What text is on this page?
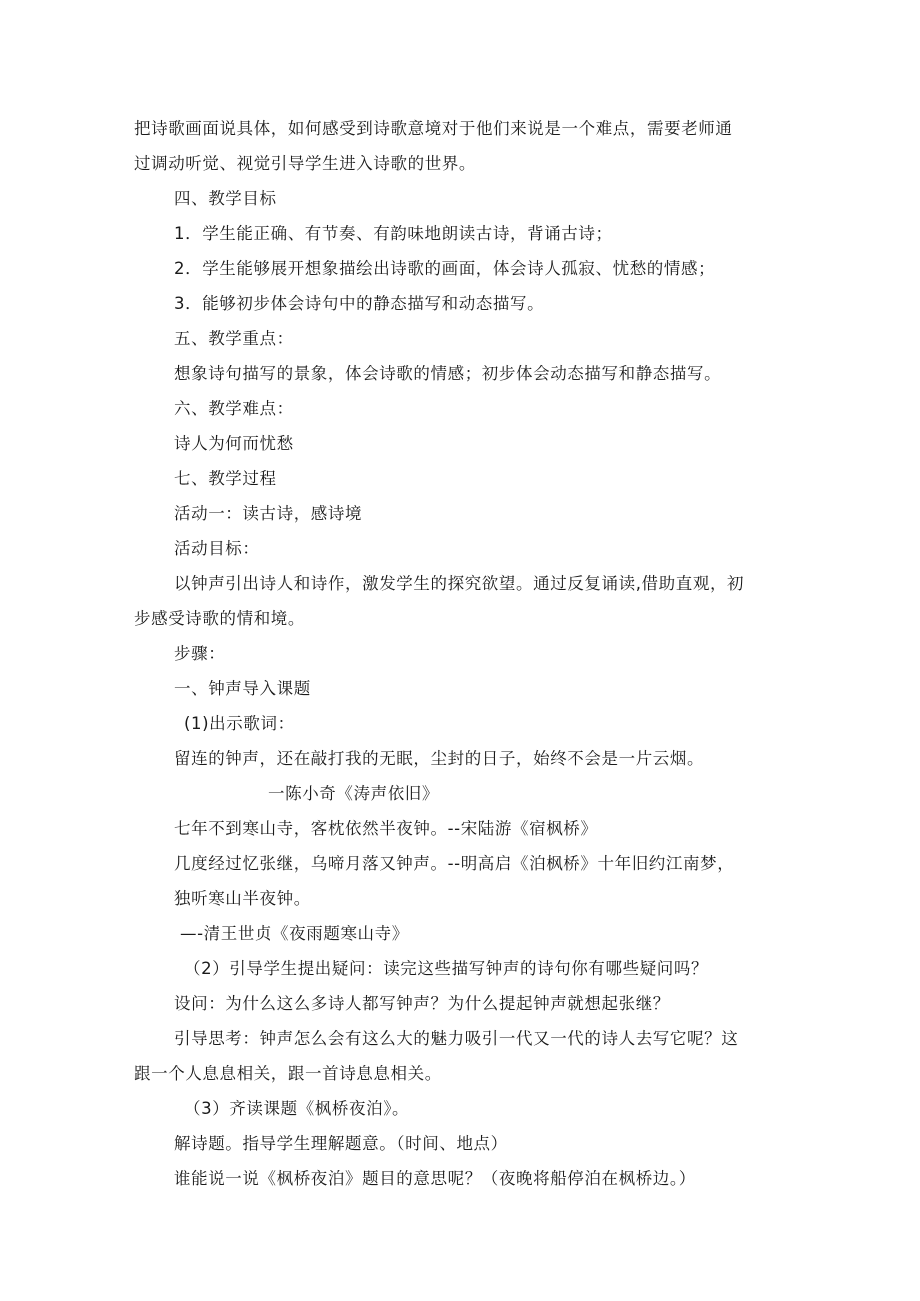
把诗歌画面说具体，如何感受到诗歌意境对于他们来说是一个难点，需要老师通
过调动听觉、视觉引导学生进入诗歌的世界。
四、教学目标
1．学生能正确、有节奏、有韵味地朗读古诗，背诵古诗；
2．学生能够展开想象描绘出诗歌的画面，体会诗人孤寂、忧愁的情感；
3．能够初步体会诗句中的静态描写和动态描写。
五、教学重点：
想象诗句描写的景象，体会诗歌的情感；初步体会动态描写和静态描写。
六、教学难点：
诗人为何而忧愁
七、教学过程
活动一：读古诗，感诗境
活动目标：
以钟声引出诗人和诗作，激发学生的探究欲望。通过反复诵读,借助直观，初
步感受诗歌的情和境。
步骤：
一、钟声导入课题
(1)出示歌词：
留连的钟声，还在敲打我的无眠，尘封的日子，始终不会是一片云烟。
一陈小奇《涛声依旧》
七年不到寒山寺，客枕依然半夜钟。--宋陆游《宿枫桥》
几度经过忆张继，乌啼月落又钟声。--明高启《泊枫桥》十年旧约江南梦，
独听寒山半夜钟。
—-清王世贞《夜雨题寒山寺》
（2）引导学生提出疑问：读完这些描写钟声的诗句你有哪些疑问吗？
设问：为什么这么多诗人都写钟声？为什么提起钟声就想起张继？
引导思考：钟声怎么会有这么大的魅力吸引一代又一代的诗人去写它呢？这
跟一个人息息相关，跟一首诗息息相关。
（3）齐读课题《枫桥夜泊》。
解诗题。指导学生理解题意。（时间、地点）
谁能说一说《枫桥夜泊》题目的意思呢？（夜晚将船停泊在枫桥边。）
